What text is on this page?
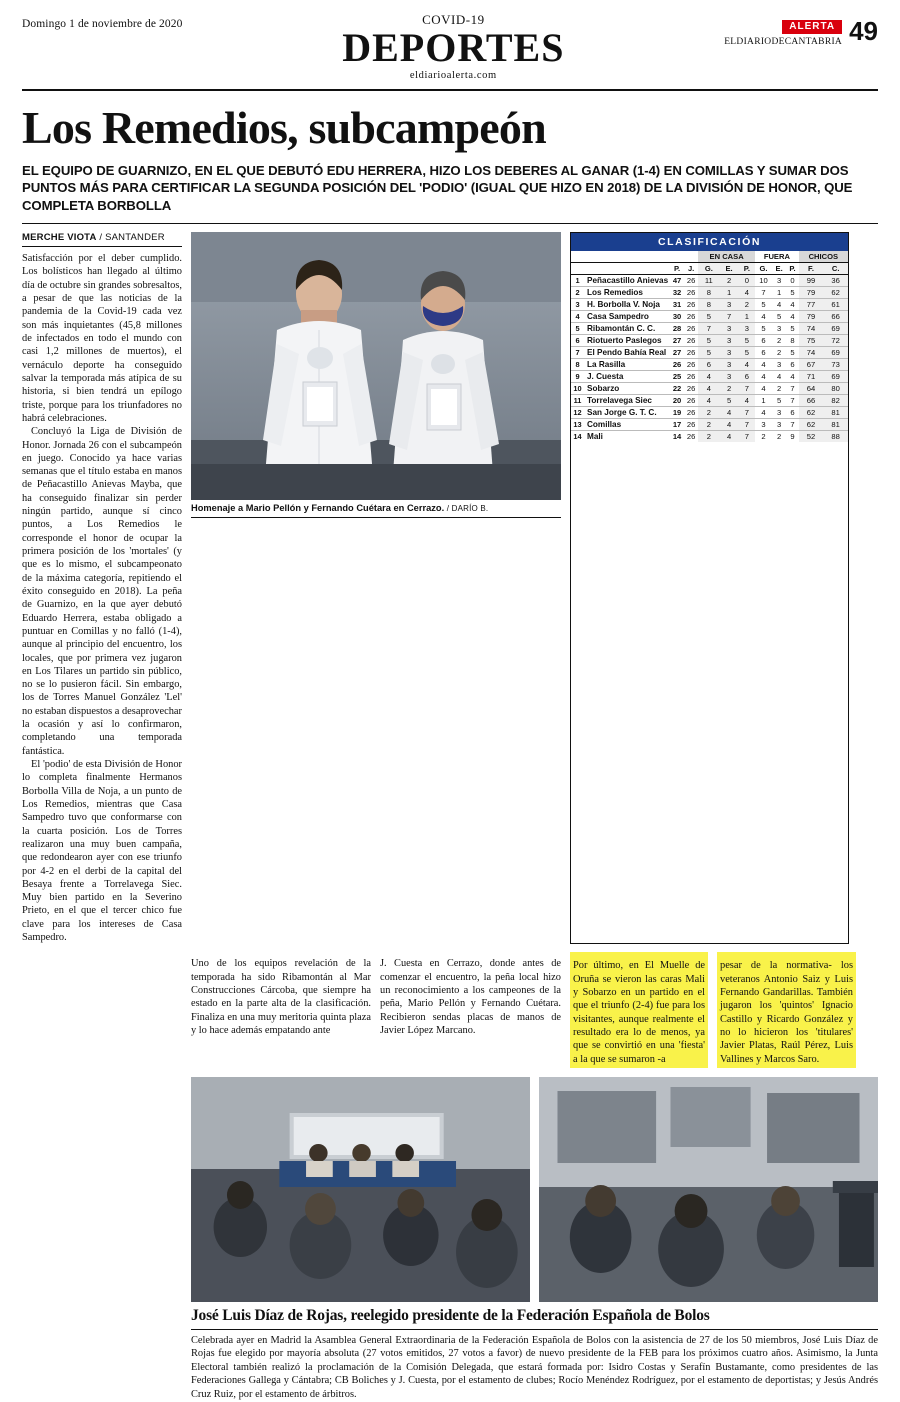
Domingo 1 de noviembre de 2020	COVID-19
DEPORTES
eldiarioalerta.com
ALERTA
ELDIARIODECANTABRIA 49
Los Remedios, subcampeón
EL EQUIPO DE GUARNIZO, EN EL QUE DEBUTÓ EDU HERRERA, HIZO LOS DEBERES AL GANAR (1-4) EN COMILLAS Y SUMAR DOS PUNTOS MÁS PARA CERTIFICAR LA SEGUNDA POSICIÓN DEL 'PODIO' (IGUAL QUE HIZO EN 2018) DE LA DIVISIÓN DE HONOR, QUE COMPLETA BORBOLLA
MERCHE VIOTA / SANTANDER

Satisfacción por el deber cumplido. Los bolísticos han llegado al último día de octubre sin grandes sobresaltos, a pesar de que las noticias de la pandemia de la Covid-19 cada vez son más inquietantes (45,8 millones de infectados en todo el mundo con casi 1,2 millones de muertos), el vernáculo deporte ha conseguido salvar la temporada más atípica de su historia, si bien tendrá un epílogo triste, porque para los triunfadores no habrá celebraciones.

Concluyó la Liga de División de Honor. Jornada 26 con el subcampeón en juego. Conocido ya hace varias semanas que el título estaba en manos de Peñacastillo Anievas Mayba, que ha conseguido finalizar sin perder ningún partido, aunque sí cinco puntos, a Los Remedios le corresponde el honor de ocupar la primera posición de los 'mortales' (y que es lo mismo, el subcampeonato de la máxima categoría, repitiendo el éxito conseguido en 2018). La peña de Guarnizo, en la que ayer debutó Eduardo Herrera, estaba obligado a puntuar en Comillas y no falló (1-4), aunque al principio del encuentro, los locales, que por primera vez jugaron en Los Tilares un partido sin público, no se lo pusieron fácil. Sin embargo, los de Torres Manuel González 'Lel' no estaban dispuestos a desaprovechar la ocasión y así lo confirmaron, completando una temporada fantástica.

El 'podio' de esta División de Honor lo completa finalmente Hermanos Borbolla Villa de Noja, a un punto de Los Remedios, mientras que Casa Sampedro tuvo que conformarse con la cuarta posición. Los de Torres realizaron una muy buen campaña, que redondearon ayer con ese triunfo por 4-2 en el derbi de la capital del Besaya frente a Torrelavega Siec. Muy bien partido en la Severino Prieto, en el que el tercer chico fue clave para los intereses de Casa Sampedro.

Homenaje a Mario Pellón y Fernando Cuétara en Cerrazo. / DARÍO B.
CLASIFICACIÓN
				EN CASA			FUERA			CHICOS	
		P.	J.	G.	E.	P.	G.	E.	P.	F.	C.
1	Peñacastillo Anievas	47	26	11	2	0	10	3	0	99	36
2	Los Remedios	32	26	8	1	4	7	1	5	79	62
3	H. Borbolla V. Noja	31	26	8	3	2	5	4	4	77	61
4	Casa Sampedro	30	26	5	7	1	4	5	4	79	66
5	Ribamontán C. C.	28	26	7	3	3	5	3	5	74	69
6	Riotuerto Paslegos	27	26	5	3	5	6	2	8	75	72
7	El Pendo Bahía Real	27	26	5	3	5	6	2	5	74	69
8	La Rasilla	26	26	6	3	4	4	3	6	67	73
9	J. Cuesta	25	26	4	3	6	4	4	4	71	69
10	Sobarzo	22	26	4	2	7	4	2	7	64	80
11	Torrelavega Siec	20	26	4	5	4	1	5	7	66	82
12	San Jorge G. T. C.	19	26	2	4	7	4	3	6	62	81
13	Comillas	17	26	2	4	7	3	3	7	62	81
14	Mali	14	26	2	4	7	2	2	9	52	88

Uno de los equipos revelación de la temporada ha sido Ribamontán al Mar Construcciones Cárcoba, que siempre ha estado en la parte alta de la clasificación. Finaliza en una muy meritoria quinta plaza y lo hace además empatando ante

J. Cuesta en Cerrazo, donde antes de comenzar el encuentro, la peña local hizo un reconocimiento a los campeones de la peña, Mario Pellón y Fernando Cuétara. Recibieron sendas placas de manos de Javier López Marcano.

Por último, en El Muelle de Oruña se vieron las caras Mali y Sobarzo en un partido en el que el triunfo (2-4) fue para los visitantes, aunque realmente el resultado era lo de menos, ya que se convirtió en una 'fiesta' a la que se sumaron -a

pesar de la normativa- los veteranos Antonio Saiz y Luis Fernando Gandarillas. También jugaron los 'quintos' Ignacio Castillo y Ricardo González y no lo hicieron los 'titulares' Javier Platas, Raúl Pérez, Luis Vallines y Marcos Saro.

José Luis Díaz de Rojas, reelegido presidente de la Federación Española de Bolos
Celebrada ayer en Madrid la Asamblea General Extraordinaria de la Federación Española de Bolos con la asistencia de 27 de los 50 miembros, José Luis Díaz de Rojas fue elegido por mayoría absoluta (27 votos emitidos, 27 votos a favor) de nuevo presidente de la FEB para los próximos cuatro años. Asimismo, la Junta Electoral también realizó la proclamación de la Comisión Delegada, que estará formada por: Isidro Costas y Serafín Bustamante, como presidentes de las Federaciones Gallega y Cántabra; CB Boliches y J. Cuesta, por el estamento de clubes; Rocío Menéndez Rodríguez, por el estamento de deportistas; y Jesús Andrés Cruz Ruiz, por el estamento de árbitros.
